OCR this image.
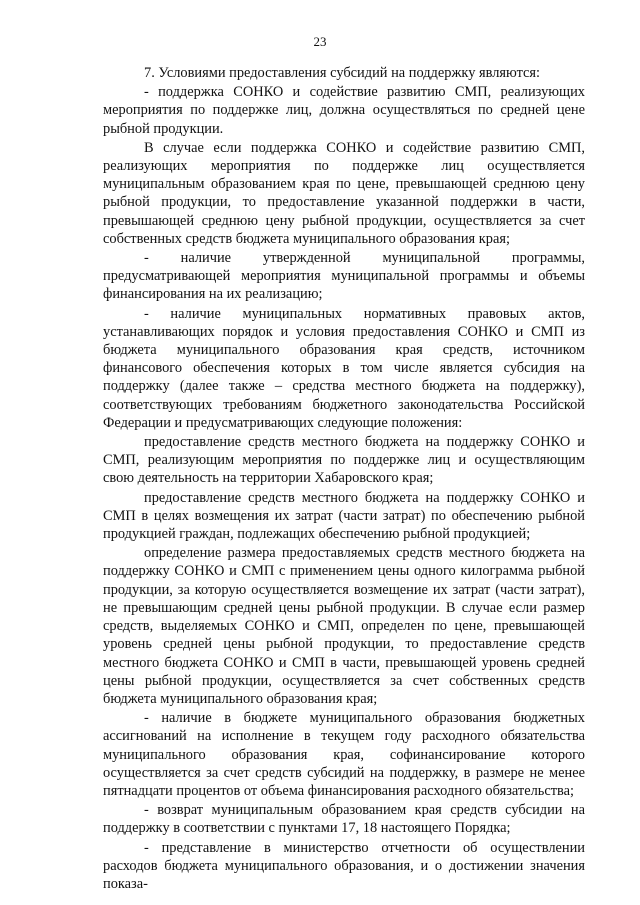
23

7. Условиями предоставления субсидий на поддержку являются:

- поддержка СОНКО и содействие развитию СМП, реализующих мероприятия по поддержке лиц, должна осуществляться по средней цене рыбной продукции.

В случае если поддержка СОНКО и содействие развитию СМП, реализующих мероприятия по поддержке лиц осуществляется муниципальным образованием края по цене, превышающей среднюю цену рыбной продукции, то предоставление указанной поддержки в части, превышающей среднюю цену рыбной продукции, осуществляется за счет собственных средств бюджета муниципального образования края;

- наличие утвержденной муниципальной программы, предусматривающей мероприятия муниципальной программы и объемы финансирования на их реализацию;

- наличие муниципальных нормативных правовых актов, устанавливающих порядок и условия предоставления СОНКО и СМП из бюджета муниципального образования края средств, источником финансового обеспечения которых в том числе является субсидия на поддержку (далее также – средства местного бюджета на поддержку), соответствующих требованиям бюджетного законодательства Российской Федерации и предусматривающих следующие положения:

предоставление средств местного бюджета на поддержку СОНКО и СМП, реализующим мероприятия по поддержке лиц и осуществляющим свою деятельность на территории Хабаровского края;

предоставление средств местного бюджета на поддержку СОНКО и СМП в целях возмещения их затрат (части затрат) по обеспечению рыбной продукцией граждан, подлежащих обеспечению рыбной продукцией;

определение размера предоставляемых средств местного бюджета на поддержку СОНКО и СМП с применением цены одного килограмма рыбной продукции, за которую осуществляется возмещение их затрат (части затрат), не превышающим средней цены рыбной продукции. В случае если размер средств, выделяемых СОНКО и СМП, определен по цене, превышающей уровень средней цены рыбной продукции, то предоставление средств местного бюджета СОНКО и СМП в части, превышающей уровень средней цены рыбной продукции, осуществляется за счет собственных средств бюджета муниципального образования края;

- наличие в бюджете муниципального образования бюджетных ассигнований на исполнение в текущем году расходного обязательства муниципального образования края, софинансирование которого осуществляется за счет средств субсидий на поддержку, в размере не менее пятнадцати процентов от объема финансирования расходного обязательства;

- возврат муниципальным образованием края средств субсидии на поддержку в соответствии с пунктами 17, 18 настоящего Порядка;

- представление в министерство отчетности об осуществлении расходов бюджета муниципального образования, и о достижении значения показа-
